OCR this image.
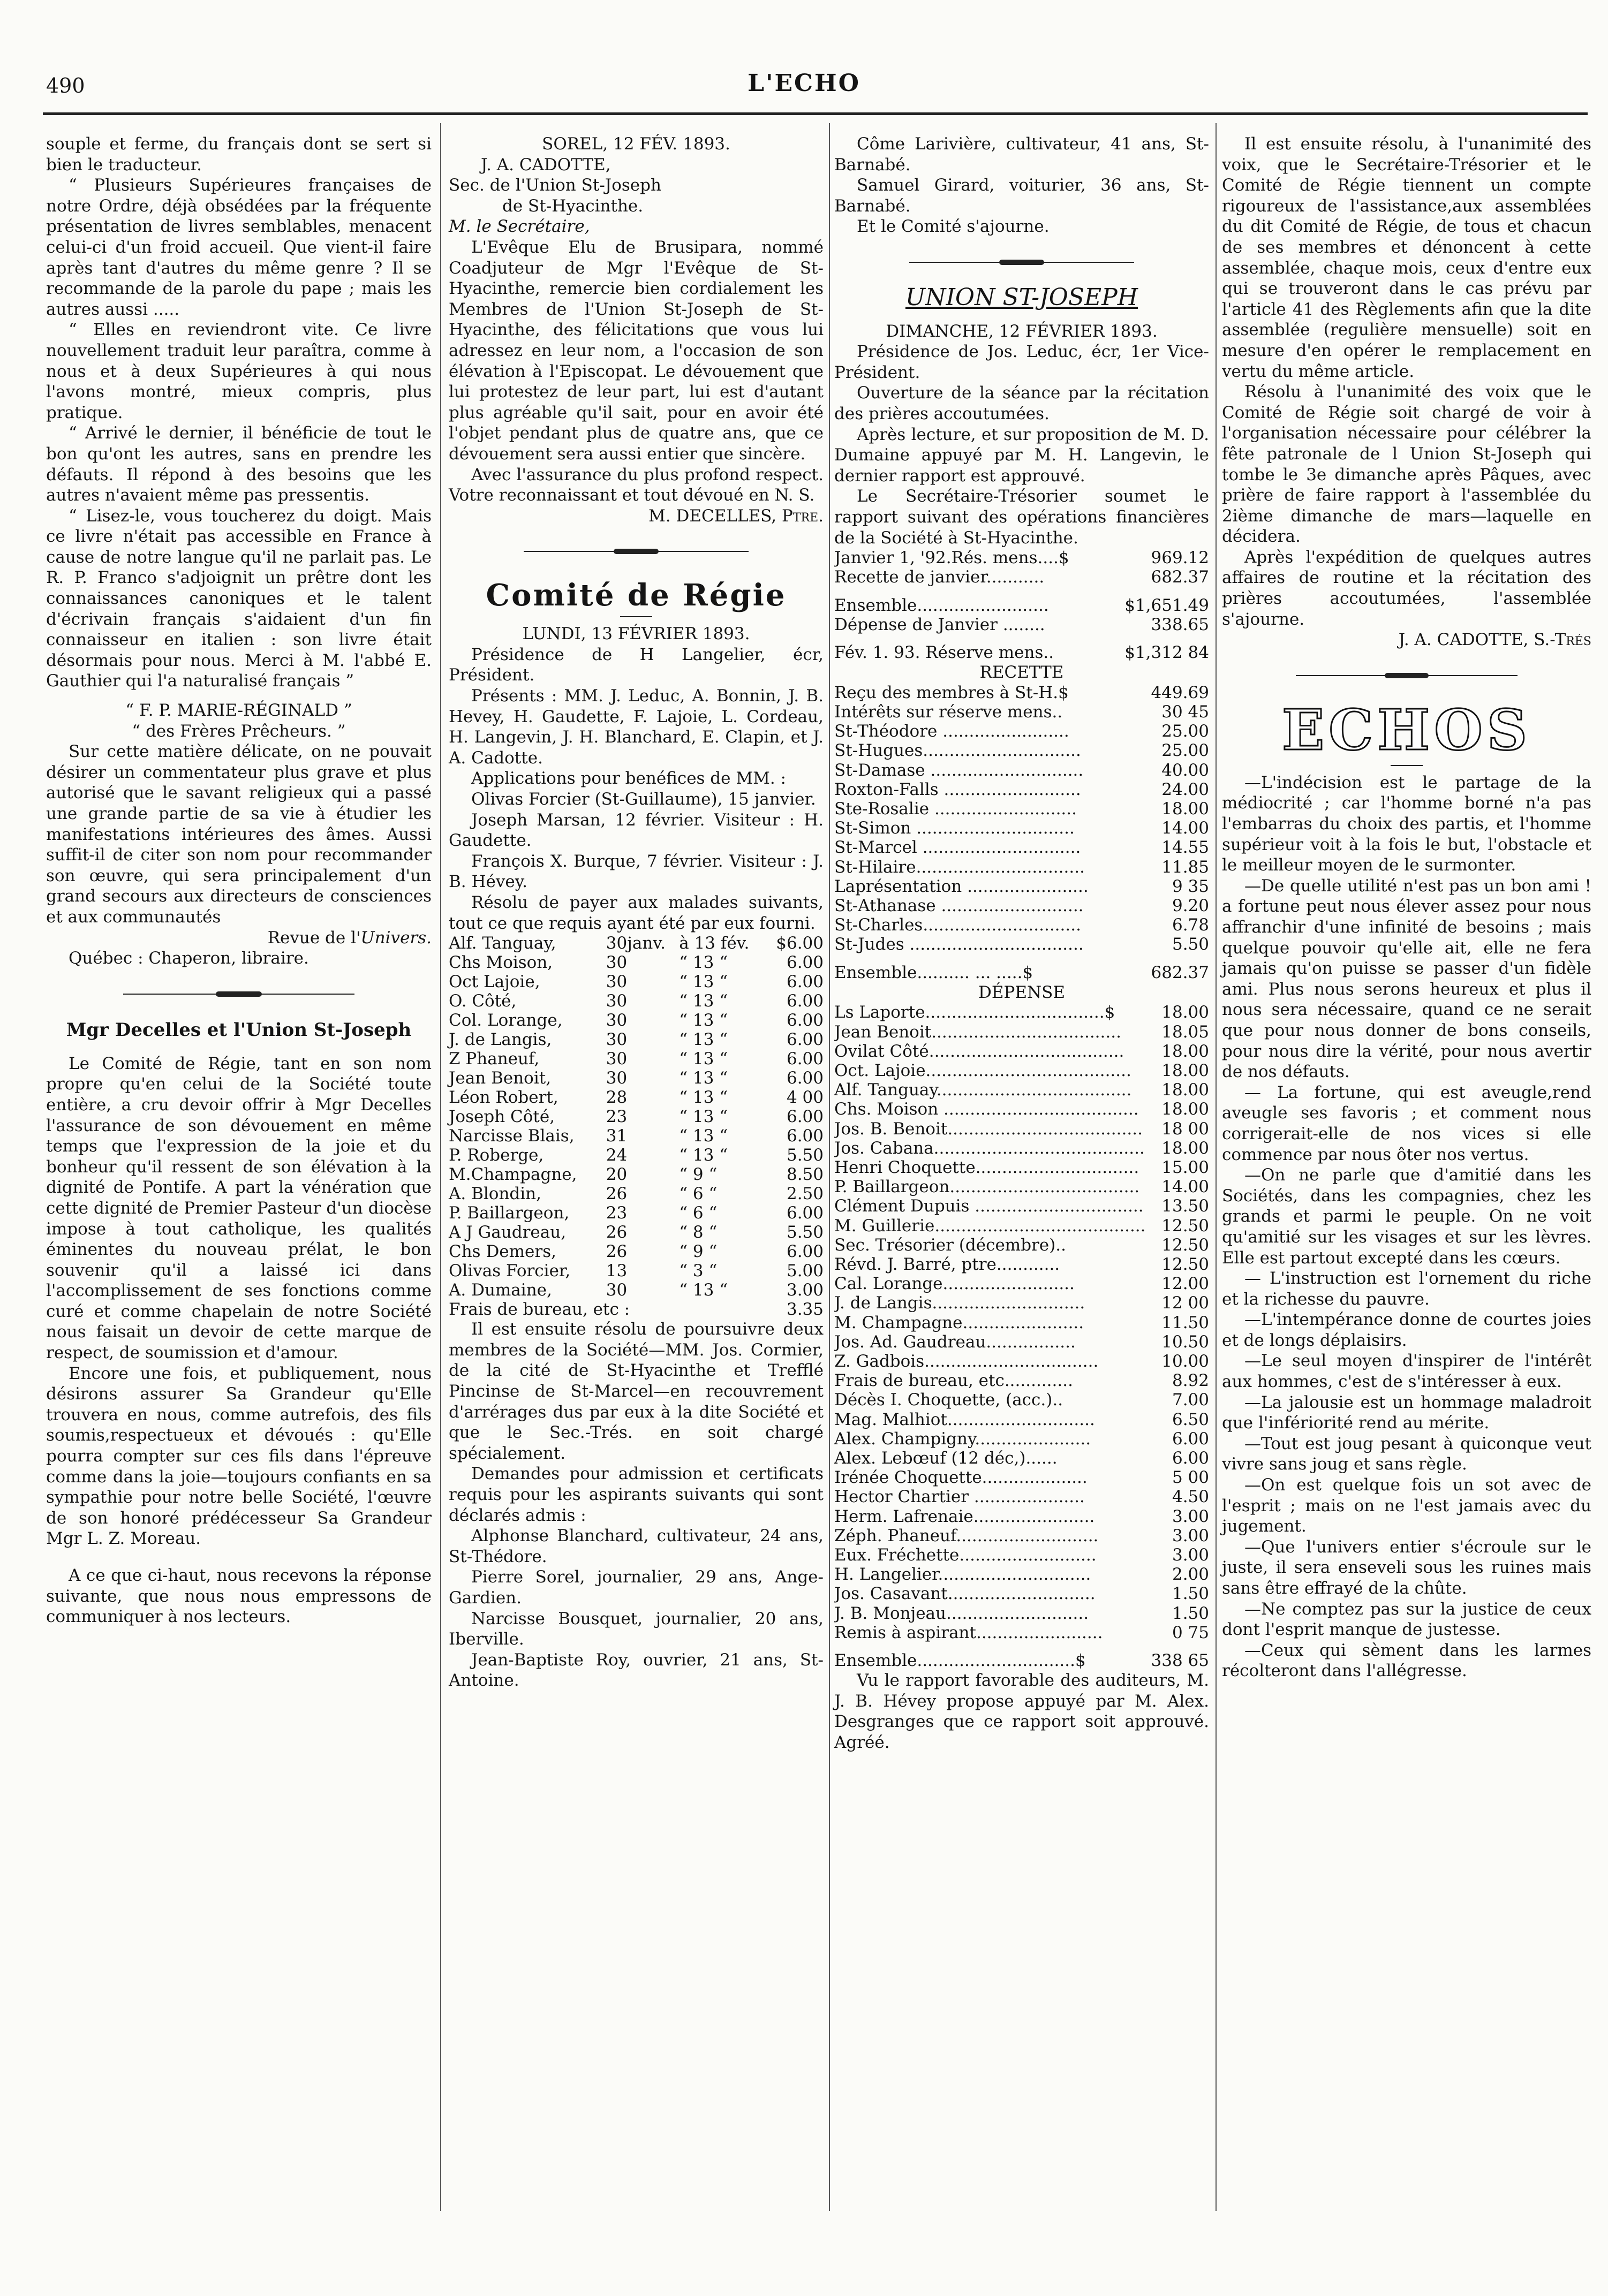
490	L'ECHO

souple et ferme, du français dont se sert si bien le traducteur.

“ Plusieurs Supérieures françaises de notre Ordre, déjà obsédées par la fréquente présentation de livres semblables, menacent celui-ci d'un froid accueil. Que vient-il faire après tant d'autres du même genre ? Il se recommande de la parole du pape ; mais les autres aussi .....

“ Elles en reviendront vite. Ce livre nouvellement traduit leur paraîtra, comme à nous et à deux Supérieures à qui nous l'avons montré, mieux compris, plus pratique.

“ Arrivé le dernier, il bénéficie de tout le bon qu'ont les autres, sans en prendre les défauts. Il répond à des besoins que les autres n'avaient même pas pressentis.

“ Lisez-le, vous toucherez du doigt. Mais ce livre n'était pas accessible en France à cause de notre langue qu'il ne parlait pas. Le R. P. Franco s'adjoignit un prêtre dont les connaissances canoniques et le talent d'écrivain français s'aidaient d'un fin connaisseur en italien : son livre était désormais pour nous. Merci à M. l'abbé E. Gauthier qui l'a naturalisé français ”

“ F. P. MARIE-RÉGINALD ”

“ des Frères Prêcheurs. ”

Sur cette matière délicate, on ne pouvait désirer un commentateur plus grave et plus autorisé que le savant religieux qui a passé une grande partie de sa vie à étudier les manifestations intérieures des âmes. Aussi suffit-il de citer son nom pour recommander son œuvre, qui sera principalement d'un grand secours aux directeurs de consciences et aux communautés

Revue de l'Univers.

Québec : Chaperon, libraire.

Mgr Decelles et l'Union St-Joseph

Le Comité de Régie, tant en son nom propre qu'en celui de la Société toute entière, a cru devoir offrir à Mgr Decelles l'assurance de son dévouement en même temps que l'expression de la joie et du bonheur qu'il ressent de son élévation à la dignité de Pontife. A part la vénération que cette dignité de Premier Pasteur d'un diocèse impose à tout catholique, les qualités éminentes du nouveau prélat, le bon souvenir qu'il a laissé ici dans l'accomplissement de ses fonctions comme curé et comme chapelain de notre Société nous faisait un devoir de cette marque de respect, de soumission et d'amour.

Encore une fois, et publiquement, nous désirons assurer Sa Grandeur qu'Elle trouvera en nous, comme autrefois, des fils soumis,respectueux et dévoués : qu'Elle pourra compter sur ces fils dans l'épreuve comme dans la joie—toujours confiants en sa sympathie pour notre belle Société, l'œuvre de son honoré prédécesseur Sa Grandeur Mgr L. Z. Moreau.

A ce que ci-haut, nous recevons la réponse suivante, que nous nous empressons de communiquer à nos lecteurs.

SOREL, 12 FÉV. 1893.

J. A. CADOTTE,

Sec. de l'Union St-Joseph

de St-Hyacinthe.

M. le Secrétaire,

L'Evêque Elu de Brusipara, nommé Coadjuteur de Mgr l'Evêque de St-Hyacinthe, remercie bien cordialement les Membres de l'Union St-Joseph de St-Hyacinthe, des félicitations que vous lui adressez en leur nom, a l'occasion de son élévation à l'Episcopat. Le dévouement que lui protestez de leur part, lui est d'autant plus agréable qu'il sait, pour en avoir été l'objet pendant plus de quatre ans, que ce dévouement sera aussi entier que sincère.

Avec l'assurance du plus profond respect. Votre reconnaissant et tout dévoué en N. S.

M. DECELLES, Ptre.

Comité de Régie

LUNDI, 13 FÉVRIER 1893.

Présidence de H Langelier, écr, Président.

Présents : MM. J. Leduc, A. Bonnin, J. B. Hevey, H. Gaudette, F. Lajoie, L. Cordeau, H. Langevin, J. H. Blanchard, E. Clapin, et J. A. Cadotte.

Applications pour benéfices de MM. :

Olivas Forcier (St-Guillaume), 15 janvier.

Joseph Marsan, 12 février. Visiteur : H. Gaudette.

François X. Burque, 7 février. Visiteur : J. B. Hévey.

Résolu de payer aux malades suivants, tout ce que requis ayant été par eux fourni.

Alf. Tanguay,	30janv.	à 13 fév.	$6.00
Chs Moison,	30	“ 13 “	6.00
Oct Lajoie,	30	“ 13 “	6.00
O. Côté,	30	“ 13 “	6.00
Col. Lorange,	30	“ 13 “	6.00
J. de Langis,	30	“ 13 “	6.00
Z Phaneuf,	30	“ 13 “	6.00
Jean Benoit,	30	“ 13 “	6.00
Léon Robert,	28	“ 13 “	4 00
Joseph Côté,	23	“ 13 “	6.00
Narcisse Blais,	31	“ 13 “	6.00
P. Roberge,	24	“ 13 “	5.50
M.Champagne,	20	“ 9 “	8.50
A. Blondin,	26	“ 6 “	2.50
P. Baillargeon,	23	“ 6 “	6.00
A J Gaudreau,	26	“ 8 “	5.50
Chs Demers,	26	“ 9 “	6.00
Olivas Forcier,	13	“ 3 “	5.00
A. Dumaine,	30	“ 13 “	3.00
Frais de bureau, etc :	3.35

Il est ensuite résolu de poursuivre deux membres de la Société—MM. Jos. Cormier, de la cité de St-Hyacinthe et Trefflé Pincinse de St-Marcel—en recouvrement d'arrérages dus par eux à la dite Société et que le Sec.-Trés. en soit chargé spécialement.

Demandes pour admission et certificats requis pour les aspirants suivants qui sont déclarés admis :

Alphonse Blanchard, cultivateur, 24 ans, St-Thédore.

Pierre Sorel, journalier, 29 ans, Ange-Gardien.

Narcisse Bousquet, journalier, 20 ans, Iberville.

Jean-Baptiste Roy, ouvrier, 21 ans, St-Antoine.

Côme Larivière, cultivateur, 41 ans, St-Barnabé.

Samuel Girard, voiturier, 36 ans, St-Barnabé.

Et le Comité s'ajourne.

UNION ST-JOSEPH

DIMANCHE, 12 FÉVRIER 1893.

Présidence de Jos. Leduc, écr, 1er Vice-Président.

Ouverture de la séance par la récitation des prières accoutumées.

Après lecture, et sur proposition de M. D. Dumaine appuyé par M. H. Langevin, le dernier rapport est approuvé.

Le Secrétaire-Trésorier soumet le rapport suivant des opérations financières de la Société à St-Hyacinthe.

Janvier 1, '92.Rés. mens....$	969.12
Recette de janvier...........	682.37

Ensemble.........................	$1,651.49
Dépense de Janvier ........	338.65

Fév. 1. 93. Réserve mens..	$1,312 84

RECETTE

Reçu des membres à St-H.$	449.69
Intérêts sur réserve mens..	30 45
St-Théodore ........................	25.00
St-Hugues..............................	25.00
St-Damase .............................	40.00
Roxton-Falls ..........................	24.00
Ste-Rosalie ...........................	18.00
St-Simon ..............................	14.00
St-Marcel ..............................	14.55
St-Hilaire................................	11.85
Laprésentation .......................	9 35
St-Athanase ...........................	9.20
St-Charles..............................	6.78
St-Judes .................................	5.50
Ensemble.......... ... .....$	682.37

DÉPENSE

Ls Laporte..................................$	18.00
Jean Benoit....................................	18.05
Ovilat Côté.....................................	18.00
Oct. Lajoie.......................................	18.00
Alf. Tanguay.....................................	18.00
Chs. Moison .....................................	18.00
Jos. B. Benoit.....................................	18 00
Jos. Cabana........................................	18.00
Henri Choquette...............................	15.00
P. Baillargeon....................................	14.00
Clément Dupuis ................................	13.50
M. Guillerie........................................	12.50
Sec. Trésorier (décembre)..	12.50
Révd. J. Barré, ptre............	12.50
Cal. Lorange.........................	12.00
J. de Langis.............................	12 00
M. Champagne.......................	11.50
Jos. Ad. Gaudreau.................	10.50
Z. Gadbois.................................	10.00
Frais de bureau, etc.............	8.92
Décès I. Choquette, (acc.)..	7.00
Mag. Malhiot............................	6.50
Alex. Champigny......................	6.00
Alex. Lebœuf (12 déc,)......	6.00
Irénée Choquette....................	5 00
Hector Chartier .....................	4.50
Herm. Lafrenaie.......................	3.00
Zéph. Phaneuf...........................	3.00
Eux. Fréchette..........................	3.00
H. Langelier.............................	2.00
Jos. Casavant............................	1.50
J. B. Monjeau...........................	1.50
Remis à aspirant........................	0 75
Ensemble..............................$	338 65

Vu le rapport favorable des auditeurs, M. J. B. Hévey propose appuyé par M. Alex. Desgranges que ce rapport soit approuvé. Agréé.

Il est ensuite résolu, à l'unanimité des voix, que le Secrétaire-Trésorier et le Comité de Régie tiennent un compte rigoureux de l'assistance,aux assemblées du dit Comité de Régie, de tous et chacun de ses membres et dénoncent à cette assemblée, chaque mois, ceux d'entre eux qui se trouveront dans le cas prévu par l'article 41 des Règlements afin que la dite assemblée (regulière mensuelle) soit en mesure d'en opérer le remplacement en vertu du même article.

Résolu à l'unanimité des voix que le Comité de Régie soit chargé de voir à l'organisation nécessaire pour célébrer la fête patronale de l Union St-Joseph qui tombe le 3e dimanche après Pâques, avec prière de faire rapport à l'assemblée du 2ième dimanche de mars—laquelle en décidera.

Après l'expédition de quelques autres affaires de routine et la récitation des prières accoutumées, l'assemblée s'ajourne.

J. A. CADOTTE, S.-Trés

ECHOS

—L'indécision est le partage de la médiocrité ; car l'homme borné n'a pas l'embarras du choix des partis, et l'homme supérieur voit à la fois le but, l'obstacle et le meilleur moyen de le surmonter.

—De quelle utilité n'est pas un bon ami ! a fortune peut nous élever assez pour nous affranchir d'une infinité de besoins ; mais quelque pouvoir qu'elle ait, elle ne fera jamais qu'on puisse se passer d'un fidèle ami. Plus nous serons heureux et plus il nous sera nécessaire, quand ce ne serait que pour nous donner de bons conseils, pour nous dire la vérité, pour nous avertir de nos défauts.

— La fortune, qui est aveugle,rend aveugle ses favoris ; et comment nous corrigerait-elle de nos vices si elle commence par nous ôter nos vertus.

—On ne parle que d'amitié dans les Sociétés, dans les compagnies, chez les grands et parmi le peuple. On ne voit qu'amitié sur les visages et sur les lèvres. Elle est partout excepté dans les cœurs.

— L'instruction est l'ornement du riche et la richesse du pauvre.

—L'intempérance donne de courtes joies et de longs déplaisirs.

—Le seul moyen d'inspirer de l'intérêt aux hommes, c'est de s'intéresser à eux.

—La jalousie est un hommage maladroit que l'infériorité rend au mérite.

—Tout est joug pesant à quiconque veut vivre sans joug et sans règle.

—On est quelque fois un sot avec de l'esprit ; mais on ne l'est jamais avec du jugement.

—Que l'univers entier s'écroule sur le juste, il sera enseveli sous les ruines mais sans être effrayé de la chûte.

—Ne comptez pas sur la justice de ceux dont l'esprit manque de justesse.

—Ceux qui sèment dans les larmes récolteront dans l'allégresse.
